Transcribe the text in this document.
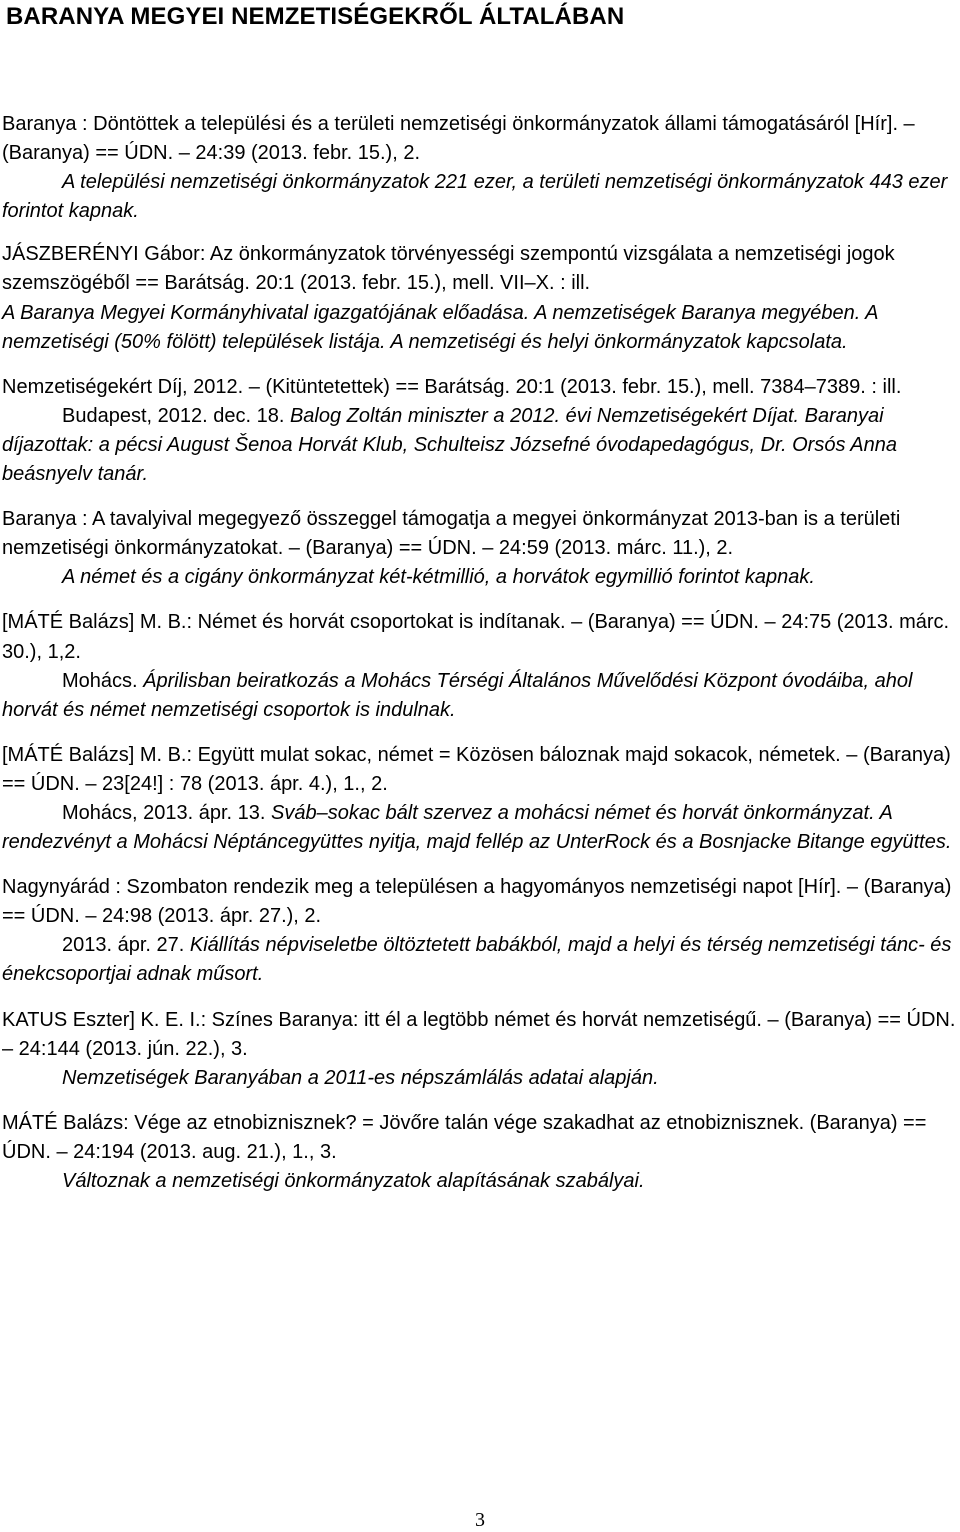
BARANYA MEGYEI NEMZETISÉGEKRŐL ÁLTALÁBAN

Baranya : Döntöttek a települési és a területi nemzetiségi önkormányzatok állami támogatásáról [Hír]. – (Baranya) == ÚDN. – 24:39 (2013. febr. 15.), 2.

A települési nemzetiségi önkormányzatok 221 ezer, a területi nemzetiségi önkormányzatok 443 ezer forintot kapnak.

JÁSZBERÉNYI Gábor: Az önkormányzatok törvényességi szempontú vizsgálata a nemzetiségi jogok szemszögéből == Barátság. 20:1 (2013. febr. 15.), mell. VII–X. : ill.

A Baranya Megyei Kormányhivatal igazgatójának előadása. A nemzetiségek Baranya megyében. A nemzetiségi (50% fölött) települések listája. A nemzetiségi és helyi önkormányzatok kapcsolata.

Nemzetiségekért Díj, 2012. – (Kitüntetettek) == Barátság. 20:1 (2013. febr. 15.), mell. 7384–7389. : ill.

Budapest, 2012. dec. 18. Balog Zoltán miniszter a 2012. évi Nemzetiségekért Díjat. Baranyai díjazottak: a pécsi August Šenoa Horvát Klub, Schulteisz Józsefné óvodapedagógus, Dr. Orsós Anna beásnyelv tanár.

Baranya : A tavalyival megegyező összeggel támogatja a megyei önkormányzat 2013-ban is a területi nemzetiségi önkormányzatokat. – (Baranya) == ÚDN. – 24:59 (2013. márc. 11.), 2.

A német és a cigány önkormányzat két-kétmillió, a horvátok egymillió forintot kapnak.

[MÁTÉ Balázs] M. B.: Német és horvát csoportokat is indítanak. – (Baranya) == ÚDN. – 24:75 (2013. márc. 30.), 1,2.

Mohács. Áprilisban beiratkozás a Mohács Térségi Általános Művelődési Központ óvodáiba, ahol horvát és német nemzetiségi csoportok is indulnak.

[MÁTÉ Balázs] M. B.: Együtt mulat sokac, német = Közösen báloznak majd sokacok, németek. – (Baranya) == ÚDN. – 23[24!] : 78 (2013. ápr. 4.), 1., 2.

Mohács, 2013. ápr. 13. Sváb–sokac bált szervez a mohácsi német és horvát önkormányzat. A rendezvényt a Mohácsi Néptáncegyüttes nyitja, majd fellép az UnterRock és a Bosnjacke Bitange együttes.

Nagynyárád : Szombaton rendezik meg a településen a hagyományos nemzetiségi napot [Hír]. – (Baranya) == ÚDN. – 24:98 (2013. ápr. 27.), 2.

2013. ápr. 27. Kiállítás népviseletbe öltöztetett babákból, majd a helyi és térség nemzetiségi tánc- és énekcsoportjai adnak műsort.

KATUS Eszter] K. E. I.: Színes Baranya: itt él a legtöbb német és horvát nemzetiségű. – (Baranya) == ÚDN. – 24:144 (2013. jún. 22.), 3.

Nemzetiségek Baranyában a 2011-es népszámlálás adatai alapján.

MÁTÉ Balázs: Vége az etnobiznisznek? = Jövőre talán vége szakadhat az etnobiznisznek. (Baranya) == ÚDN. – 24:194 (2013. aug. 21.), 1., 3.

Változnak a nemzetiségi önkormányzatok alapításának szabályai.

3
